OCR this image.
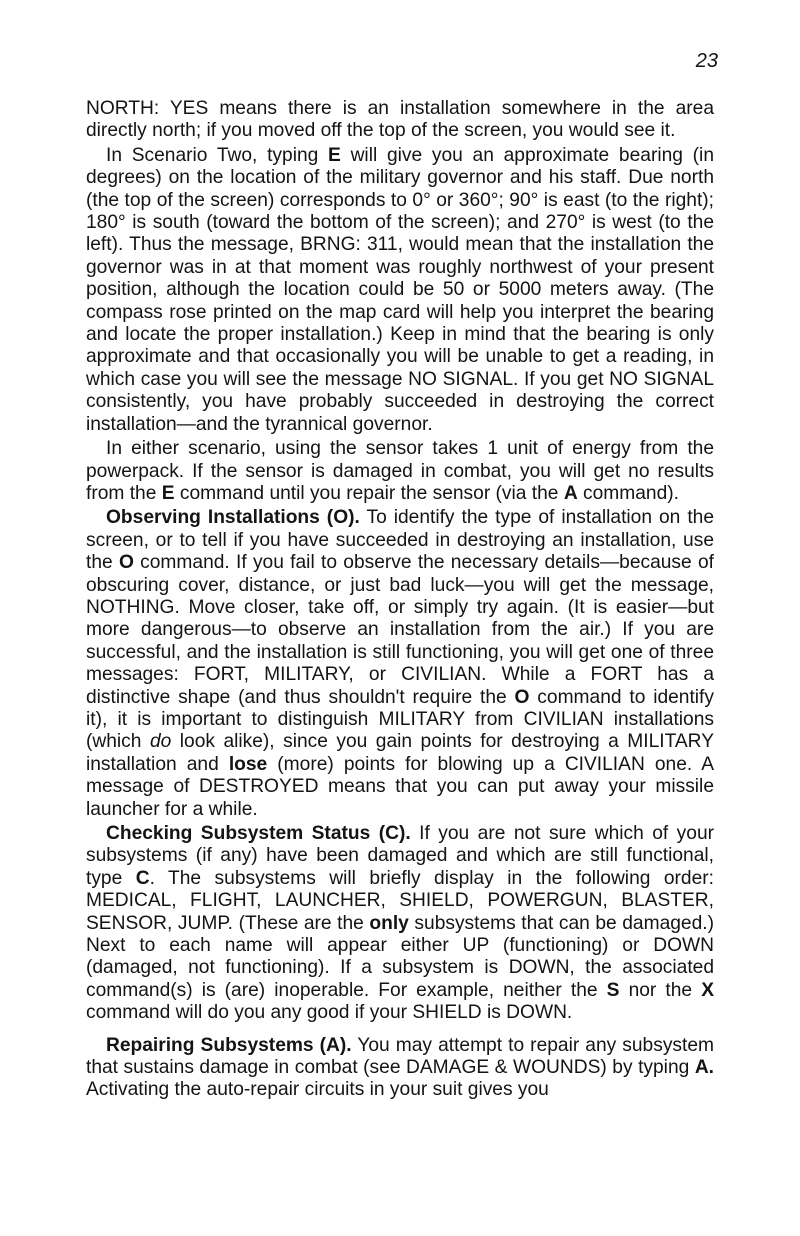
23

NORTH: YES means there is an installation somewhere in the area directly north; if you moved off the top of the screen, you would see it.

In Scenario Two, typing E will give you an approximate bearing (in degrees) on the location of the military governor and his staff. Due north (the top of the screen) corresponds to 0° or 360°; 90° is east (to the right); 180° is south (toward the bottom of the screen); and 270° is west (to the left). Thus the message, BRNG: 311, would mean that the installation the governor was in at that moment was roughly northwest of your present position, although the location could be 50 or 5000 meters away. (The compass rose printed on the map card will help you interpret the bearing and locate the proper installation.) Keep in mind that the bearing is only approximate and that occasionally you will be unable to get a reading, in which case you will see the message NO SIGNAL. If you get NO SIGNAL consistently, you have probably succeeded in destroying the correct installation—and the tyrannical governor.

In either scenario, using the sensor takes 1 unit of energy from the powerpack. If the sensor is damaged in combat, you will get no results from the E command until you repair the sensor (via the A command).

Observing Installations (O). To identify the type of installation on the screen, or to tell if you have succeeded in destroying an installation, use the O command. If you fail to observe the necessary details—because of obscuring cover, distance, or just bad luck—you will get the message, NOTHING. Move closer, take off, or simply try again. (It is easier—but more dangerous—to observe an installation from the air.) If you are successful, and the installation is still functioning, you will get one of three messages: FORT, MILITARY, or CIVILIAN. While a FORT has a distinctive shape (and thus shouldn't require the O command to identify it), it is important to distinguish MILITARY from CIVILIAN installations (which do look alike), since you gain points for destroying a MILITARY installation and lose (more) points for blowing up a CIVILIAN one. A message of DESTROYED means that you can put away your missile launcher for a while.

Checking Subsystem Status (C). If you are not sure which of your subsystems (if any) have been damaged and which are still functional, type C. The subsystems will briefly display in the following order: MEDICAL, FLIGHT, LAUNCHER, SHIELD, POWERGUN, BLASTER, SENSOR, JUMP. (These are the only subsystems that can be damaged.) Next to each name will appear either UP (functioning) or DOWN (damaged, not functioning). If a subsystem is DOWN, the associated command(s) is (are) inoperable. For example, neither the S nor the X command will do you any good if your SHIELD is DOWN.

Repairing Subsystems (A). You may attempt to repair any subsystem that sustains damage in combat (see DAMAGE & WOUNDS) by typing A. Activating the auto-repair circuits in your suit gives you
